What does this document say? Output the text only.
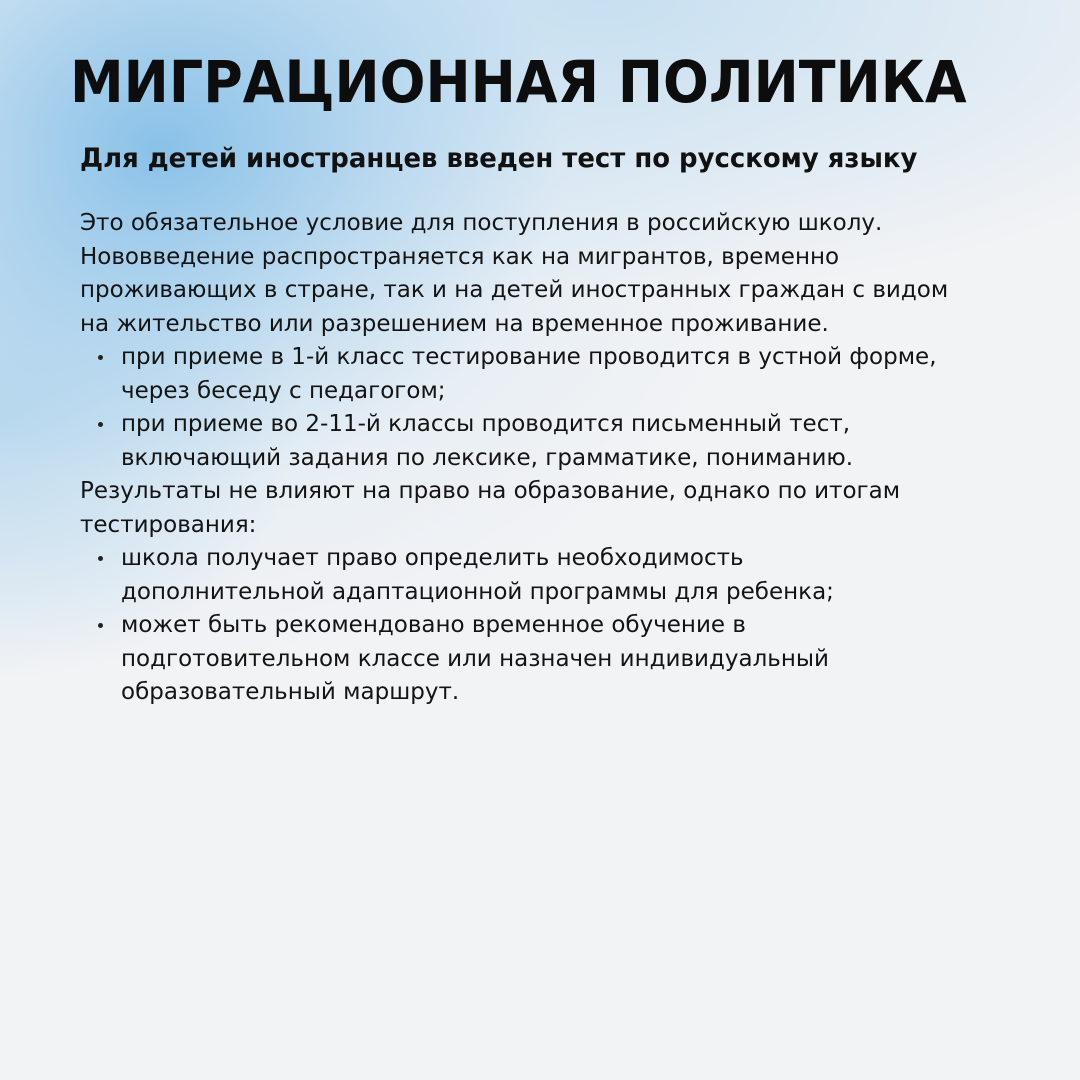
МИГРАЦИОННАЯ ПОЛИТИКА
Для детей иностранцев введен тест по русскому языку

Это обязательное условие для поступления в российскую школу.
Нововведение распространяется как на мигрантов, временно
проживающих в стране, так и на детей иностранных граждан с видом
на жительство или разрешением на временное проживание.

при приеме в 1-й класс тестирование проводится в устной форме,
через беседу с педагогом;
при приеме во 2-11-й классы проводится письменный тест,
включающий задания по лексике, грамматике, пониманию.

Результаты не влияют на право на образование, однако по итогам
тестирования:

школа получает право определить необходимость
дополнительной адаптационной программы для ребенка;
может быть рекомендовано временное обучение в
подготовительном классе или назначен индивидуальный
образовательный маршрут.
